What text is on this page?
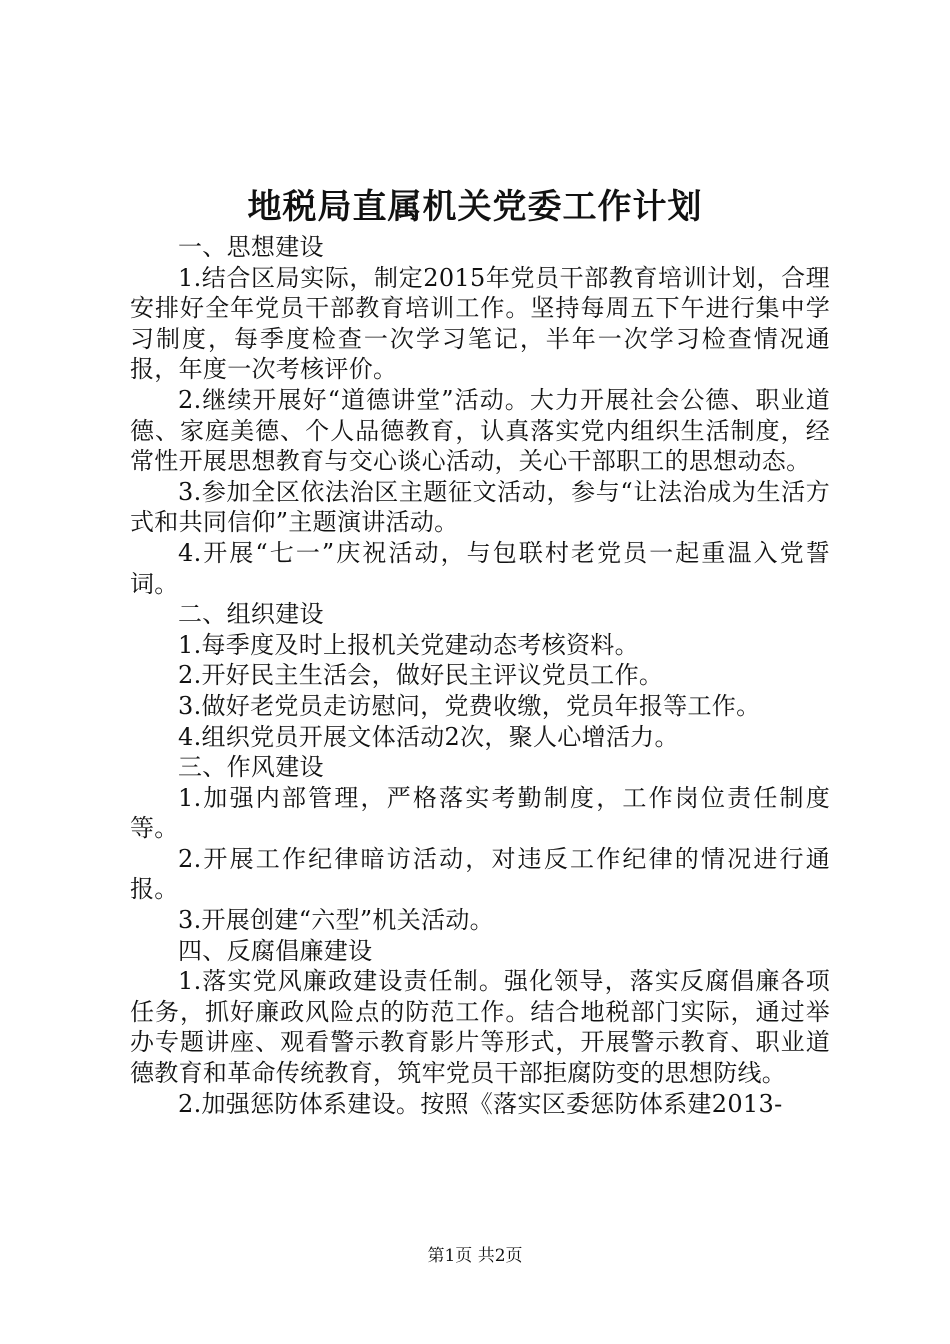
地税局直属机关党委工作计划

一、思想建设

1.结合区局实际，制定2015年党员干部教育培训计划，合理安排好全年党员干部教育培训工作。坚持每周五下午进行集中学习制度，每季度检查一次学习笔记，半年一次学习检查情况通报，年度一次考核评价。

2.继续开展好“道德讲堂”活动。大力开展社会公德、职业道德、家庭美德、个人品德教育，认真落实党内组织生活制度，经常性开展思想教育与交心谈心活动，关心干部职工的思想动态。

3.参加全区依法治区主题征文活动，参与“让法治成为生活方式和共同信仰”主题演讲活动。

4.开展“七一”庆祝活动，与包联村老党员一起重温入党誓词。

二、组织建设

1.每季度及时上报机关党建动态考核资料。

2.开好民主生活会，做好民主评议党员工作。

3.做好老党员走访慰问，党费收缴，党员年报等工作。

4.组织党员开展文体活动2次，聚人心增活力。

三、作风建设

1.加强内部管理，严格落实考勤制度，工作岗位责任制度等。

2.开展工作纪律暗访活动，对违反工作纪律的情况进行通报。

3.开展创建“六型”机关活动。

四、反腐倡廉建设

1.落实党风廉政建设责任制。强化领导，落实反腐倡廉各项任务，抓好廉政风险点的防范工作。结合地税部门实际，通过举办专题讲座、观看警示教育影片等形式，开展警示教育、职业道德教育和革命传统教育，筑牢党员干部拒腐防变的思想防线。

2.加强惩防体系建设。按照《落实区委惩防体系建2013-

第1页 共2页
